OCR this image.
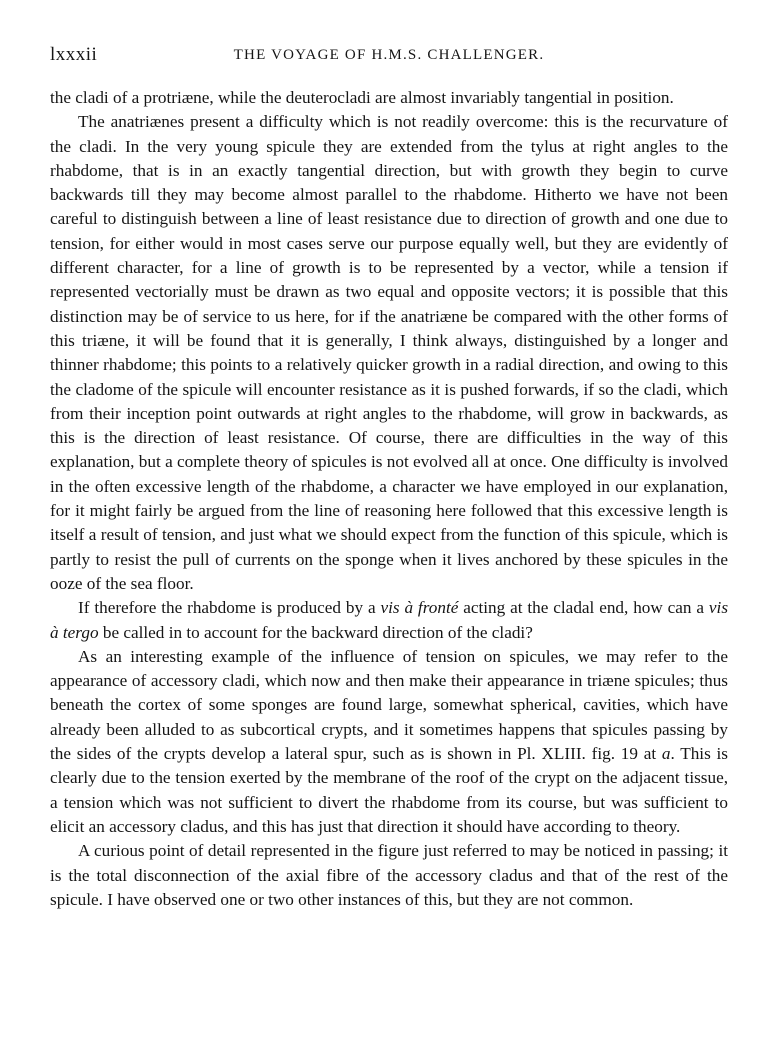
lxxxii	THE VOYAGE OF H.M.S. CHALLENGER.

the cladi of a protriæne, while the deuterocladi are almost invariably tangential in position.

The anatriænes present a difficulty which is not readily overcome: this is the recurvature of the cladi. In the very young spicule they are extended from the tylus at right angles to the rhabdome, that is in an exactly tangential direction, but with growth they begin to curve backwards till they may become almost parallel to the rhabdome. Hitherto we have not been careful to distinguish between a line of least resistance due to direction of growth and one due to tension, for either would in most cases serve our purpose equally well, but they are evidently of different character, for a line of growth is to be represented by a vector, while a tension if represented vectorially must be drawn as two equal and opposite vectors; it is possible that this distinction may be of service to us here, for if the anatriæne be compared with the other forms of this triæne, it will be found that it is generally, I think always, distinguished by a longer and thinner rhabdome; this points to a relatively quicker growth in a radial direction, and owing to this the cladome of the spicule will encounter resistance as it is pushed forwards, if so the cladi, which from their inception point outwards at right angles to the rhabdome, will grow in backwards, as this is the direction of least resistance. Of course, there are difficulties in the way of this explanation, but a complete theory of spicules is not evolved all at once. One difficulty is involved in the often excessive length of the rhabdome, a character we have employed in our explanation, for it might fairly be argued from the line of reasoning here followed that this excessive length is itself a result of tension, and just what we should expect from the function of this spicule, which is partly to resist the pull of currents on the sponge when it lives anchored by these spicules in the ooze of the sea floor.

If therefore the rhabdome is produced by a vis à fronté acting at the cladal end, how can a vis à tergo be called in to account for the backward direction of the cladi?

As an interesting example of the influence of tension on spicules, we may refer to the appearance of accessory cladi, which now and then make their appearance in triæne spicules; thus beneath the cortex of some sponges are found large, somewhat spherical, cavities, which have already been alluded to as subcortical crypts, and it sometimes happens that spicules passing by the sides of the crypts develop a lateral spur, such as is shown in Pl. XLIII. fig. 19 at a. This is clearly due to the tension exerted by the membrane of the roof of the crypt on the adjacent tissue, a tension which was not sufficient to divert the rhabdome from its course, but was sufficient to elicit an accessory cladus, and this has just that direction it should have according to theory.

A curious point of detail represented in the figure just referred to may be noticed in passing; it is the total disconnection of the axial fibre of the accessory cladus and that of the rest of the spicule. I have observed one or two other instances of this, but they are not common.
